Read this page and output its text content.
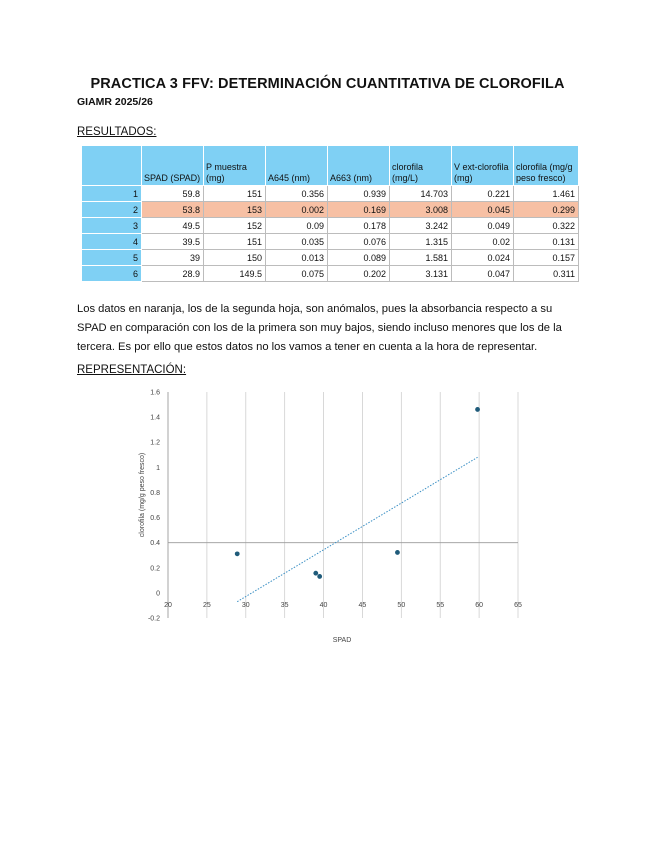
PRACTICA 3 FFV: DETERMINACIÓN CUANTITATIVA DE CLOROFILA
GIAMR 2025/26
RESULTADOS:
	SPAD (SPAD)	P muestra (mg)	A645 (nm)	A663 (nm)	clorofila (mg/L)	V ext-clorofila (mg)	clorofila (mg/g peso fresco)
1	59.8	151	0.356	0.939	14.703	0.221	1.461
2	53.8	153	0.002	0.169	3.008	0.045	0.299
3	49.5	152	0.09	0.178	3.242	0.049	0.322
4	39.5	151	0.035	0.076	1.315	0.02	0.131
5	39	150	0.013	0.089	1.581	0.024	0.157
6	28.9	149.5	0.075	0.202	3.131	0.047	0.311
Los datos en naranja, los de la segunda hoja, son anómalos, pues la absorbancia respecto a su SPAD en comparación con los de la primera son muy bajos, siendo incluso menores que los de la tercera. Es por ello que estos datos no los vamos a tener en cuenta a la hora de representar.
REPRESENTACIÓN:
20	25	30	35	40	45	50	55	60	65
-0.2
0
0.2
0.4
0.6
0.8
1
1.2
1.4
1.6
SPAD
clorofila (mg/g peso fresco)
